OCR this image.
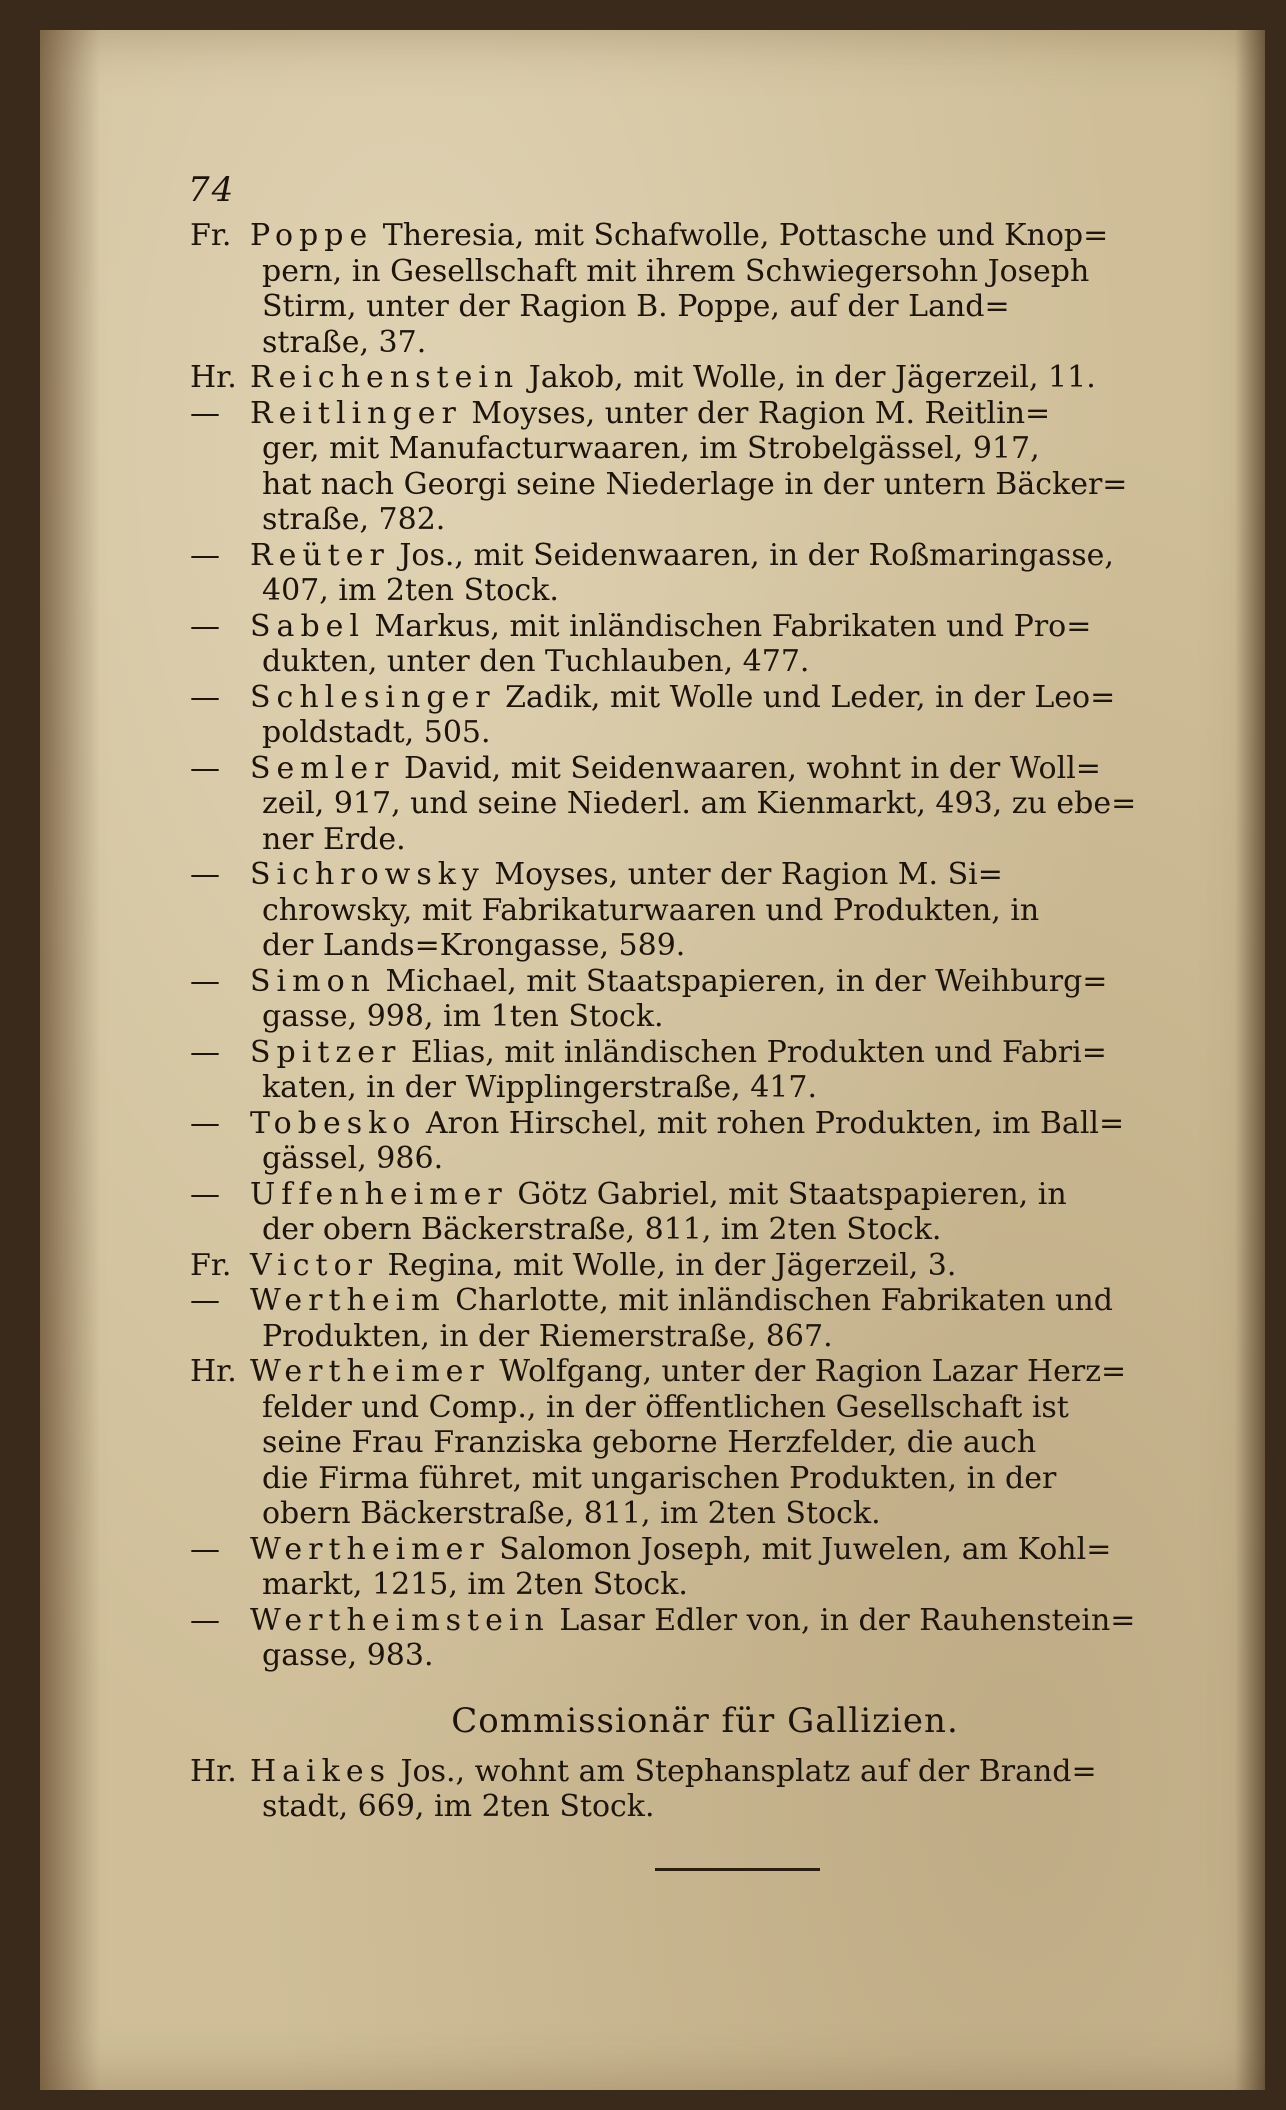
74

Fr. Poppe Theresia, mit Schafwolle, Pottasche und Knop=
pern, in Gesellschaft mit ihrem Schwiegersohn Joseph
Stirm, unter der Ragion B. Poppe, auf der Land=
straße, 37.

Hr. Reichenstein Jakob, mit Wolle, in der Jägerzeil, 11.

— Reitlinger Moyses, unter der Ragion M. Reitlin=
ger, mit Manufacturwaaren, im Strobelgässel, 917,
hat nach Georgi seine Niederlage in der untern Bäcker=
straße, 782.

— Reüter Jos., mit Seidenwaaren, in der Roßmaringasse,
407, im 2ten Stock.

— Sabel Markus, mit inländischen Fabrikaten und Pro=
dukten, unter den Tuchlauben, 477.

— Schlesinger Zadik, mit Wolle und Leder, in der Leo=
poldstadt, 505.

— Semler David, mit Seidenwaaren, wohnt in der Woll=
zeil, 917, und seine Niederl. am Kienmarkt, 493, zu ebe=
ner Erde.

— Sichrowsky Moyses, unter der Ragion M. Si=
chrowsky, mit Fabrikaturwaaren und Produkten, in
der Lands=Krongasse, 589.

— Simon Michael, mit Staatspapieren, in der Weihburg=
gasse, 998, im 1ten Stock.

— Spitzer Elias, mit inländischen Produkten und Fabri=
katen, in der Wipplingerstraße, 417.

— Tobesko Aron Hirschel, mit rohen Produkten, im Ball=
gässel, 986.

— Uffenheimer Götz Gabriel, mit Staatspapieren, in
der obern Bäckerstraße, 811, im 2ten Stock.

Fr. Victor Regina, mit Wolle, in der Jägerzeil, 3.

— Wertheim Charlotte, mit inländischen Fabrikaten und
Produkten, in der Riemerstraße, 867.

Hr. Wertheimer Wolfgang, unter der Ragion Lazar Herz=
felder und Comp., in der öffentlichen Gesellschaft ist
seine Frau Franziska geborne Herzfelder, die auch
die Firma führet, mit ungarischen Produkten, in der
obern Bäckerstraße, 811, im 2ten Stock.

— Wertheimer Salomon Joseph, mit Juwelen, am Kohl=
markt, 1215, im 2ten Stock.

— Wertheimstein Lasar Edler von, in der Rauhenstein=
gasse, 983.

Commissionär für Gallizien.

Hr. Haikes Jos., wohnt am Stephansplatz auf der Brand=
stadt, 669, im 2ten Stock.
